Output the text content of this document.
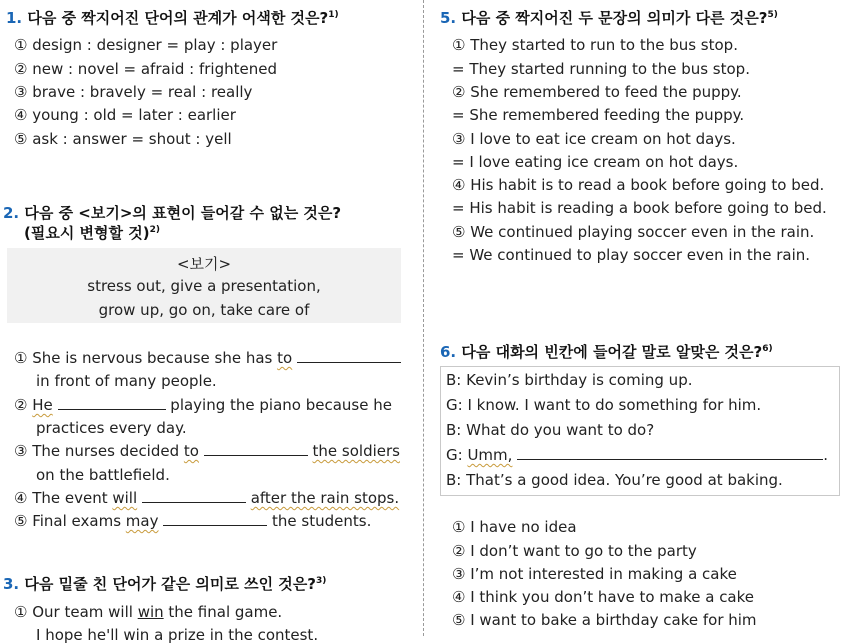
1. 다음 중 짝지어진 단어의 관계가 어색한 것은?$^{1)}$
① design : designer = play : player
② new : novel = afraid : frightened
③ brave : bravely = real : really
④ young : old = later : earlier
⑤ ask : answer = shout : yell
2. 다음 중 <보기>의 표현이 들어갈 수 없는 것은?
(필요시 변형할 것)$^{2)}$
<보기>
stress out, give a presentation,
grow up, go on, take care of
① She is nervous because she has to
in front of many people.
② He	playing the piano because he
practices every day.
③ The nurses decided to	the soldiers
on the battlefield.
④ The event will	after the rain stops.
⑤ Final exams may	the students.
3. 다음 밑줄 친 단어가 같은 의미로 쓰인 것은?$^{3)}$
① Our team will win the final game.
I hope he'll win a prize in the contest.
5. 다음 중 짝지어진 두 문장의 의미가 다른 것은?$^{5)}$
① They started to run to the bus stop.
= They started running to the bus stop.
② She remembered to feed the puppy.
= She remembered feeding the puppy.
③ I love to eat ice cream on hot days.
= I love eating ice cream on hot days.
④ His habit is to read a book before going to bed.
= His habit is reading a book before going to bed.
⑤ We continued playing soccer even in the rain.
= We continued to play soccer even in the rain.
6. 다음 대화의 빈칸에 들어갈 말로 알맞은 것은?$^{6)}$
B: Kevin’s birthday is coming up.
G: I know. I want to do something for him.
B: What do you want to do?
G: Umm,	.
B: That’s a good idea. You’re good at baking.
① I have no idea
② I don’t want to go to the party
③ I’m not interested in making a cake
④ I think you don’t have to make a cake
⑤ I want to bake a birthday cake for him
